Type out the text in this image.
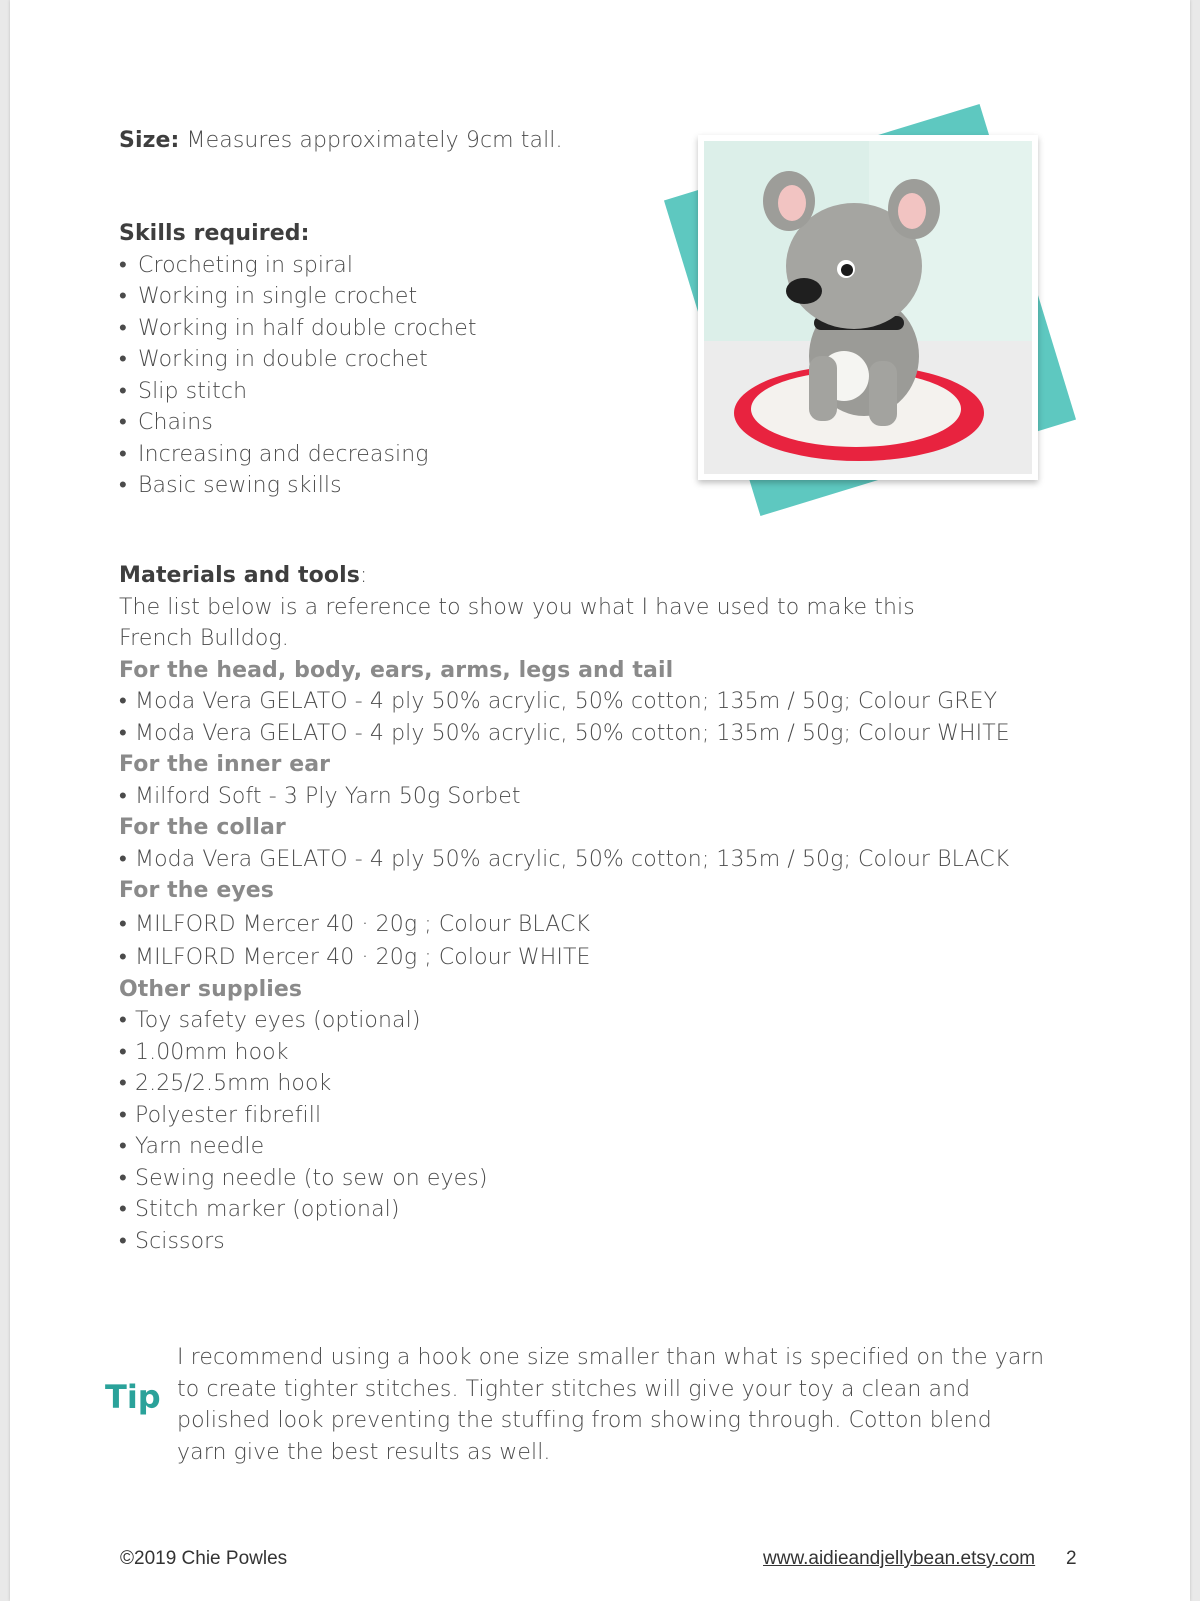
Size: Measures approximately 9cm tall.
Skills required:
• Crocheting in spiral
• Working in single crochet
• Working in half double crochet
• Working in double crochet
• Slip stitch
• Chains
• Increasing and decreasing
• Basic sewing skills
Materials and tools:
The list below is a reference to show you what I have used to make this French Bulldog.
For the head, body, ears, arms, legs and tail
• Moda Vera GELATO - 4 ply 50% acrylic, 50% cotton; 135m / 50g; Colour GREY
• Moda Vera GELATO - 4 ply 50% acrylic, 50% cotton; 135m / 50g; Colour WHITE
For the inner ear
• Milford Soft - 3 Ply Yarn 50g Sorbet
For the collar
• Moda Vera GELATO - 4 ply 50% acrylic, 50% cotton; 135m / 50g; Colour BLACK
For the eyes
• MILFORD Mercer 40 · 20g ; Colour BLACK
• MILFORD Mercer 40 · 20g ; Colour WHITE
Other supplies
• Toy safety eyes (optional)
• 1.00mm hook
• 2.25/2.5mm hook
• Polyester fibrefill
• Yarn needle
• Sewing needle (to sew on eyes)
• Stitch marker (optional)
• Scissors
Tip
I recommend using a hook one size smaller than what is specified on the yarn
to create tighter stitches. Tighter stitches will give your toy a clean and
polished look preventing the stuffing from showing through. Cotton blend
yarn give the best results as well.
©2019 Chie Powles	www.aidieandjellybean.etsy.com 2
